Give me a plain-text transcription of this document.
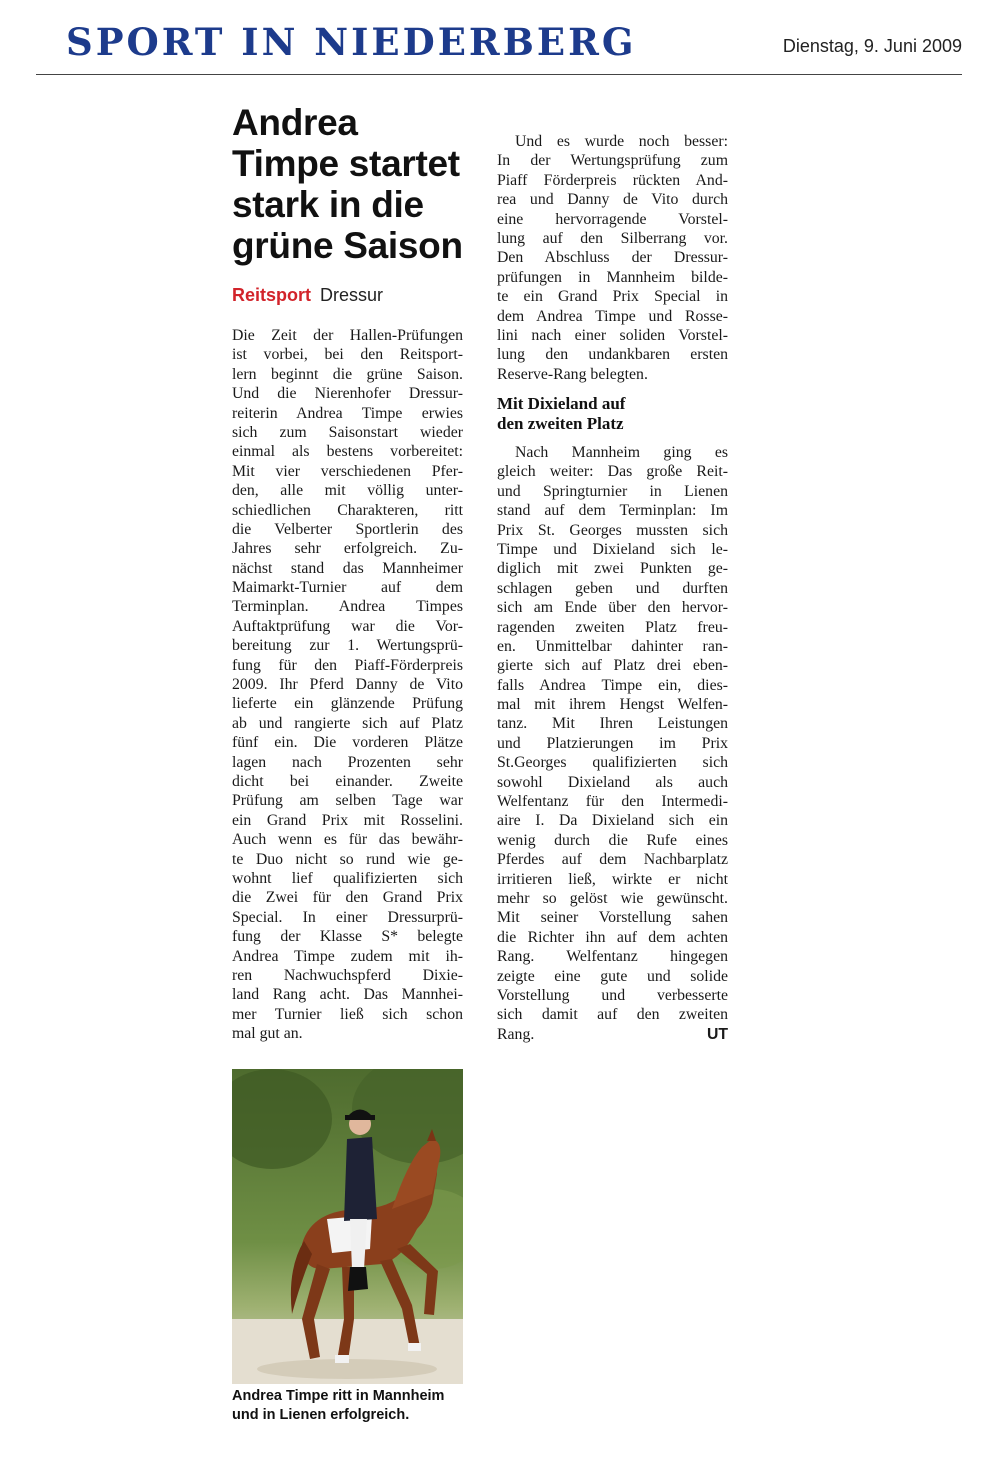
SPORT IN NIEDERBERG	Dienstag, 9. Juni 2009
Andrea
Timpe startet
stark in die
grüne Saison
Reitsport Dressur
Die Zeit der Hallen-Prüfungen
ist vorbei, bei den Reitsport-
lern beginnt die grüne Saison.
Und die Nierenhofer Dressur-
reiterin Andrea Timpe erwies
sich zum Saisonstart wieder
einmal als bestens vorbereitet:
Mit vier verschiedenen Pfer-
den, alle mit völlig unter-
schiedlichen Charakteren, ritt
die Velberter Sportlerin des
Jahres sehr erfolgreich. Zu-
nächst stand das Mannheimer
Maimarkt-Turnier auf dem
Terminplan. Andrea Timpes
Auftaktprüfung war die Vor-
bereitung zur 1. Wertungsprü-
fung für den Piaff-Förderpreis
2009. Ihr Pferd Danny de Vito
lieferte ein glänzende Prüfung
ab und rangierte sich auf Platz
fünf ein. Die vorderen Plätze
lagen nach Prozenten sehr
dicht bei einander. Zweite
Prüfung am selben Tage war
ein Grand Prix mit Rosselini.
Auch wenn es für das bewähr-
te Duo nicht so rund wie ge-
wohnt lief qualifizierten sich
die Zwei für den Grand Prix
Special. In einer Dressurprü-
fung der Klasse S* belegte
Andrea Timpe zudem mit ih-
ren Nachwuchspferd Dixie-
land Rang acht. Das Mannhei-
mer Turnier ließ sich schon
mal gut an.
Und es wurde noch besser:
In der Wertungsprüfung zum
Piaff Förderpreis rückten And-
rea und Danny de Vito durch
eine hervorragende Vorstel-
lung auf den Silberrang vor.
Den Abschluss der Dressur-
prüfungen in Mannheim bilde-
te ein Grand Prix Special in
dem Andrea Timpe und Rosse-
lini nach einer soliden Vorstel-
lung den undankbaren ersten
Reserve-Rang belegten.
Mit Dixieland auf
den zweiten Platz
Nach Mannheim ging es
gleich weiter: Das große Reit-
und Springturnier in Lienen
stand auf dem Terminplan: Im
Prix St. Georges mussten sich
Timpe und Dixieland sich le-
diglich mit zwei Punkten ge-
schlagen geben und durften
sich am Ende über den hervor-
ragenden zweiten Platz freu-
en. Unmittelbar dahinter ran-
gierte sich auf Platz drei eben-
falls Andrea Timpe ein, dies-
mal mit ihrem Hengst Welfen-
tanz. Mit Ihren Leistungen
und Platzierungen im Prix
St.Georges qualifizierten sich
sowohl Dixieland als auch
Welfentanz für den Intermedi-
aire I. Da Dixieland sich ein
wenig durch die Rufe eines
Pferdes auf dem Nachbarplatz
irritieren ließ, wirkte er nicht
mehr so gelöst wie gewünscht.
Mit seiner Vorstellung sahen
die Richter ihn auf dem achten
Rang. Welfentanz hingegen
zeigte eine gute und solide
Vorstellung und verbesserte
sich damit auf den zweiten
Rang.	UT
Andrea Timpe ritt in Mannheim
und in Lienen erfolgreich.
